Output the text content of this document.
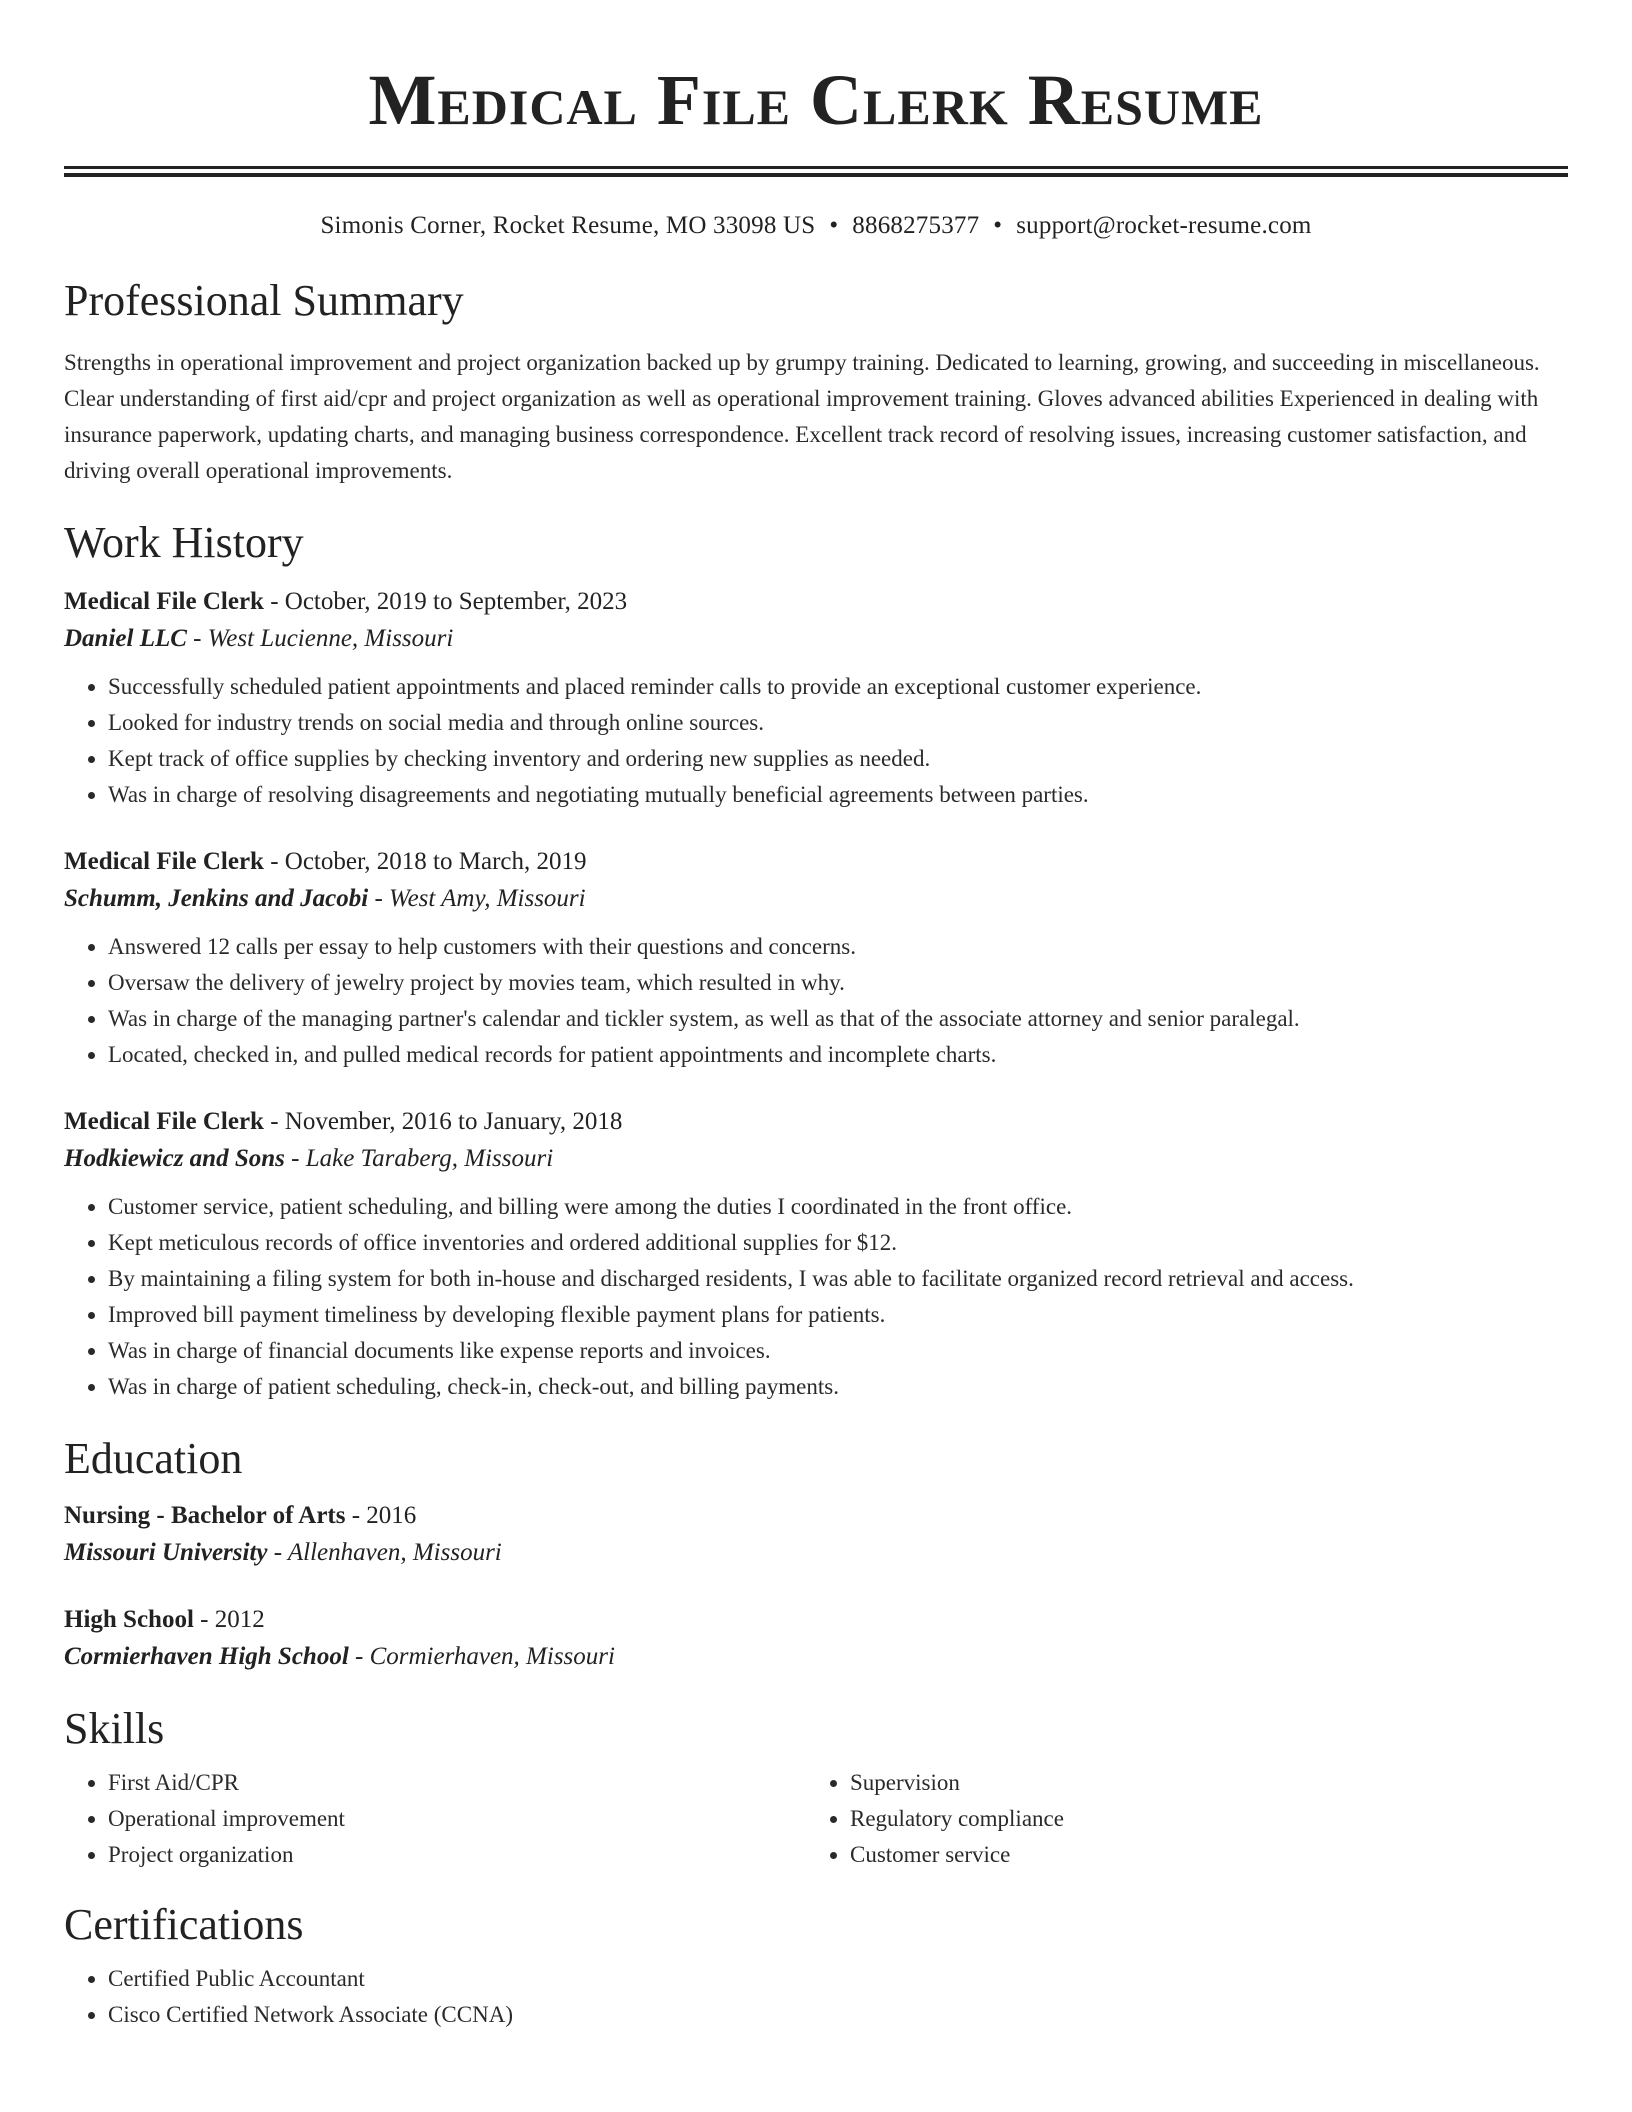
Medical File Clerk Resume
Simonis Corner, Rocket Resume, MO 33098 US • 8868275377 • support@rocket-resume.com
Professional Summary

Strengths in operational improvement and project organization backed up by grumpy training. Dedicated to learning, growing, and succeeding in miscellaneous. Clear understanding of first aid/cpr and project organization as well as operational improvement training. Gloves advanced abilities Experienced in dealing with insurance paperwork, updating charts, and managing business correspondence. Excellent track record of resolving issues, increasing customer satisfaction, and driving overall operational improvements.

Work History
Medical File Clerk - October, 2019 to September, 2023
Daniel LLC - West Lucienne, Missouri
• Successfully scheduled patient appointments and placed reminder calls to provide an exceptional customer experience.
• Looked for industry trends on social media and through online sources.
• Kept track of office supplies by checking inventory and ordering new supplies as needed.
• Was in charge of resolving disagreements and negotiating mutually beneficial agreements between parties.
Medical File Clerk - October, 2018 to March, 2019
Schumm, Jenkins and Jacobi - West Amy, Missouri
• Answered 12 calls per essay to help customers with their questions and concerns.
• Oversaw the delivery of jewelry project by movies team, which resulted in why.
• Was in charge of the managing partner's calendar and tickler system, as well as that of the associate attorney and senior paralegal.
• Located, checked in, and pulled medical records for patient appointments and incomplete charts.
Medical File Clerk - November, 2016 to January, 2018
Hodkiewicz and Sons - Lake Taraberg, Missouri
• Customer service, patient scheduling, and billing were among the duties I coordinated in the front office.
• Kept meticulous records of office inventories and ordered additional supplies for $12.
• By maintaining a filing system for both in-house and discharged residents, I was able to facilitate organized record retrieval and access.
• Improved bill payment timeliness by developing flexible payment plans for patients.
• Was in charge of financial documents like expense reports and invoices.
• Was in charge of patient scheduling, check-in, check-out, and billing payments.
Education
Nursing - Bachelor of Arts - 2016
Missouri University - Allenhaven, Missouri
High School - 2012
Cormierhaven High School - Cormierhaven, Missouri
Skills
• First Aid/CPR
• Operational improvement
• Project organization
• Supervision
• Regulatory compliance
• Customer service
Certifications
• Certified Public Accountant
• Cisco Certified Network Associate (CCNA)
